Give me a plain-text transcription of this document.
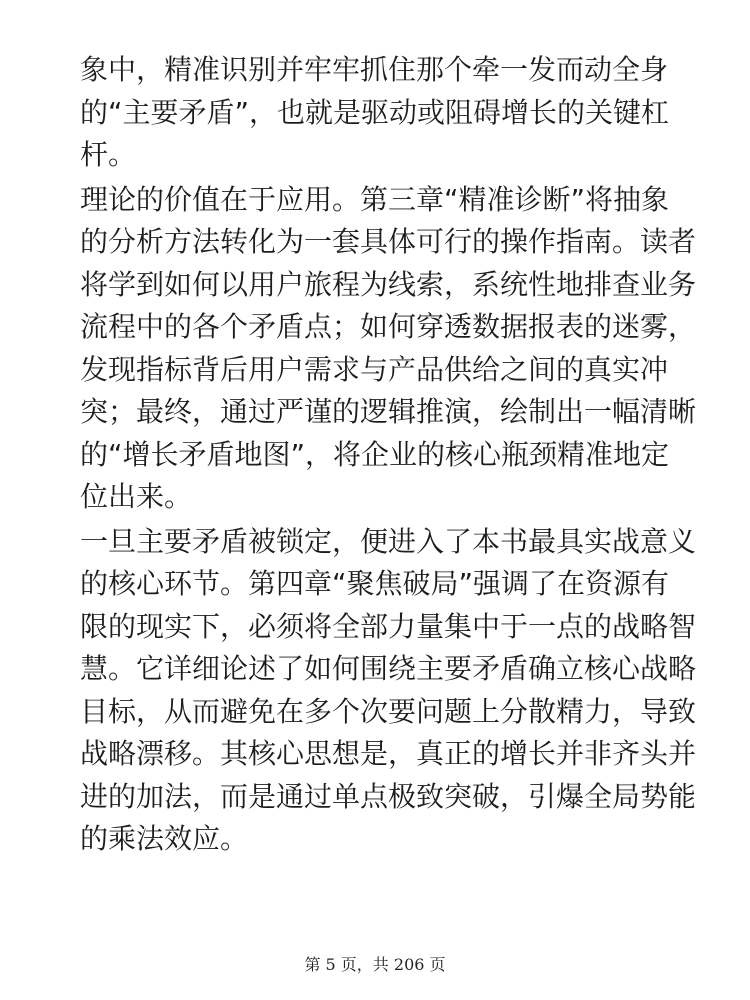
象中，精准识别并牢牢抓住那个牵一发而动全身
的“主要矛盾”，也就是驱动或阻碍增长的关键杠
杆。
理论的价值在于应用。第三章“精准诊断”将抽象
的分析方法转化为一套具体可行的操作指南。读者
将学到如何以用户旅程为线索，系统性地排查业务
流程中的各个矛盾点；如何穿透数据报表的迷雾，
发现指标背后用户需求与产品供给之间的真实冲
突；最终，通过严谨的逻辑推演，绘制出一幅清晰
的“增长矛盾地图”，将企业的核心瓶颈精准地定
位出来。
一旦主要矛盾被锁定，便进入了本书最具实战意义
的核心环节。第四章“聚焦破局”强调了在资源有
限的现实下，必须将全部力量集中于一点的战略智
慧。它详细论述了如何围绕主要矛盾确立核心战略
目标，从而避免在多个次要问题上分散精力，导致
战略漂移。其核心思想是，真正的增长并非齐头并
进的加法，而是通过单点极致突破，引爆全局势能
的乘法效应。
第 5 页，共 206 页
